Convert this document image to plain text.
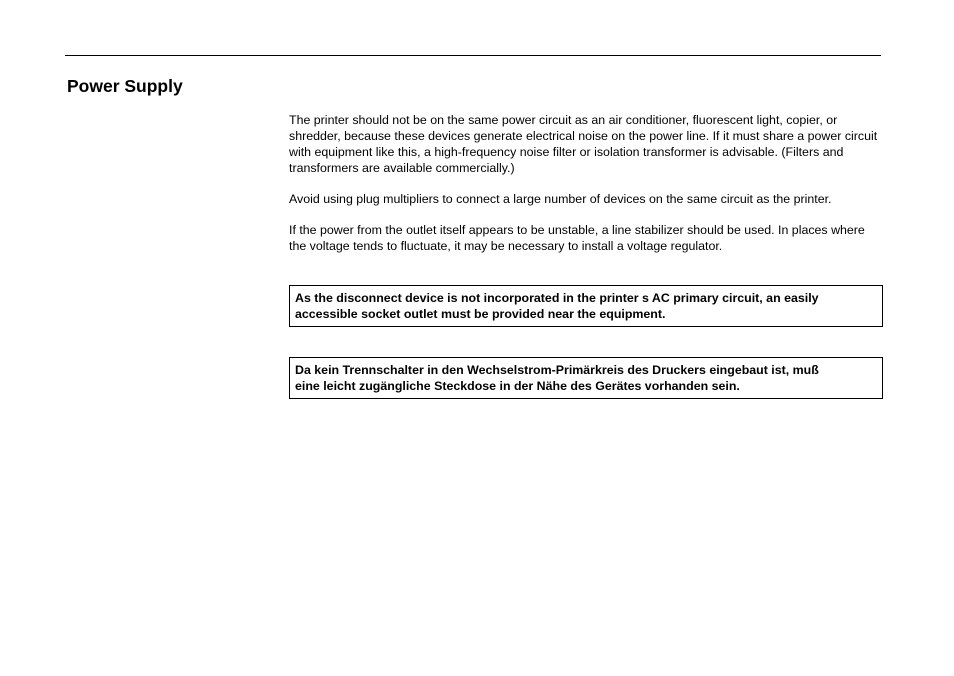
Power Supply

The printer should not be on the same power circuit as an air conditioner, fluorescent light, copier, or shredder, because these devices generate electrical noise on the power line. If it must share a power circuit with equipment like this, a high-frequency noise filter or isolation transformer is advisable. (Filters and transformers are available commercially.)

Avoid using plug multipliers to connect a large number of devices on the same circuit as the printer.

If the power from the outlet itself appears to be unstable, a line stabilizer should be used. In places where the voltage tends to fluctuate, it may be necessary to install a voltage regulator.

As the disconnect device is not incorporated in the printer s AC primary circuit, an easily
accessible socket outlet must be provided near the equipment.
Da kein Trennschalter in den Wechselstrom-Primärkreis des Druckers eingebaut ist, muß
eine leicht zugängliche Steckdose in der Nähe des Gerätes vorhanden sein.
